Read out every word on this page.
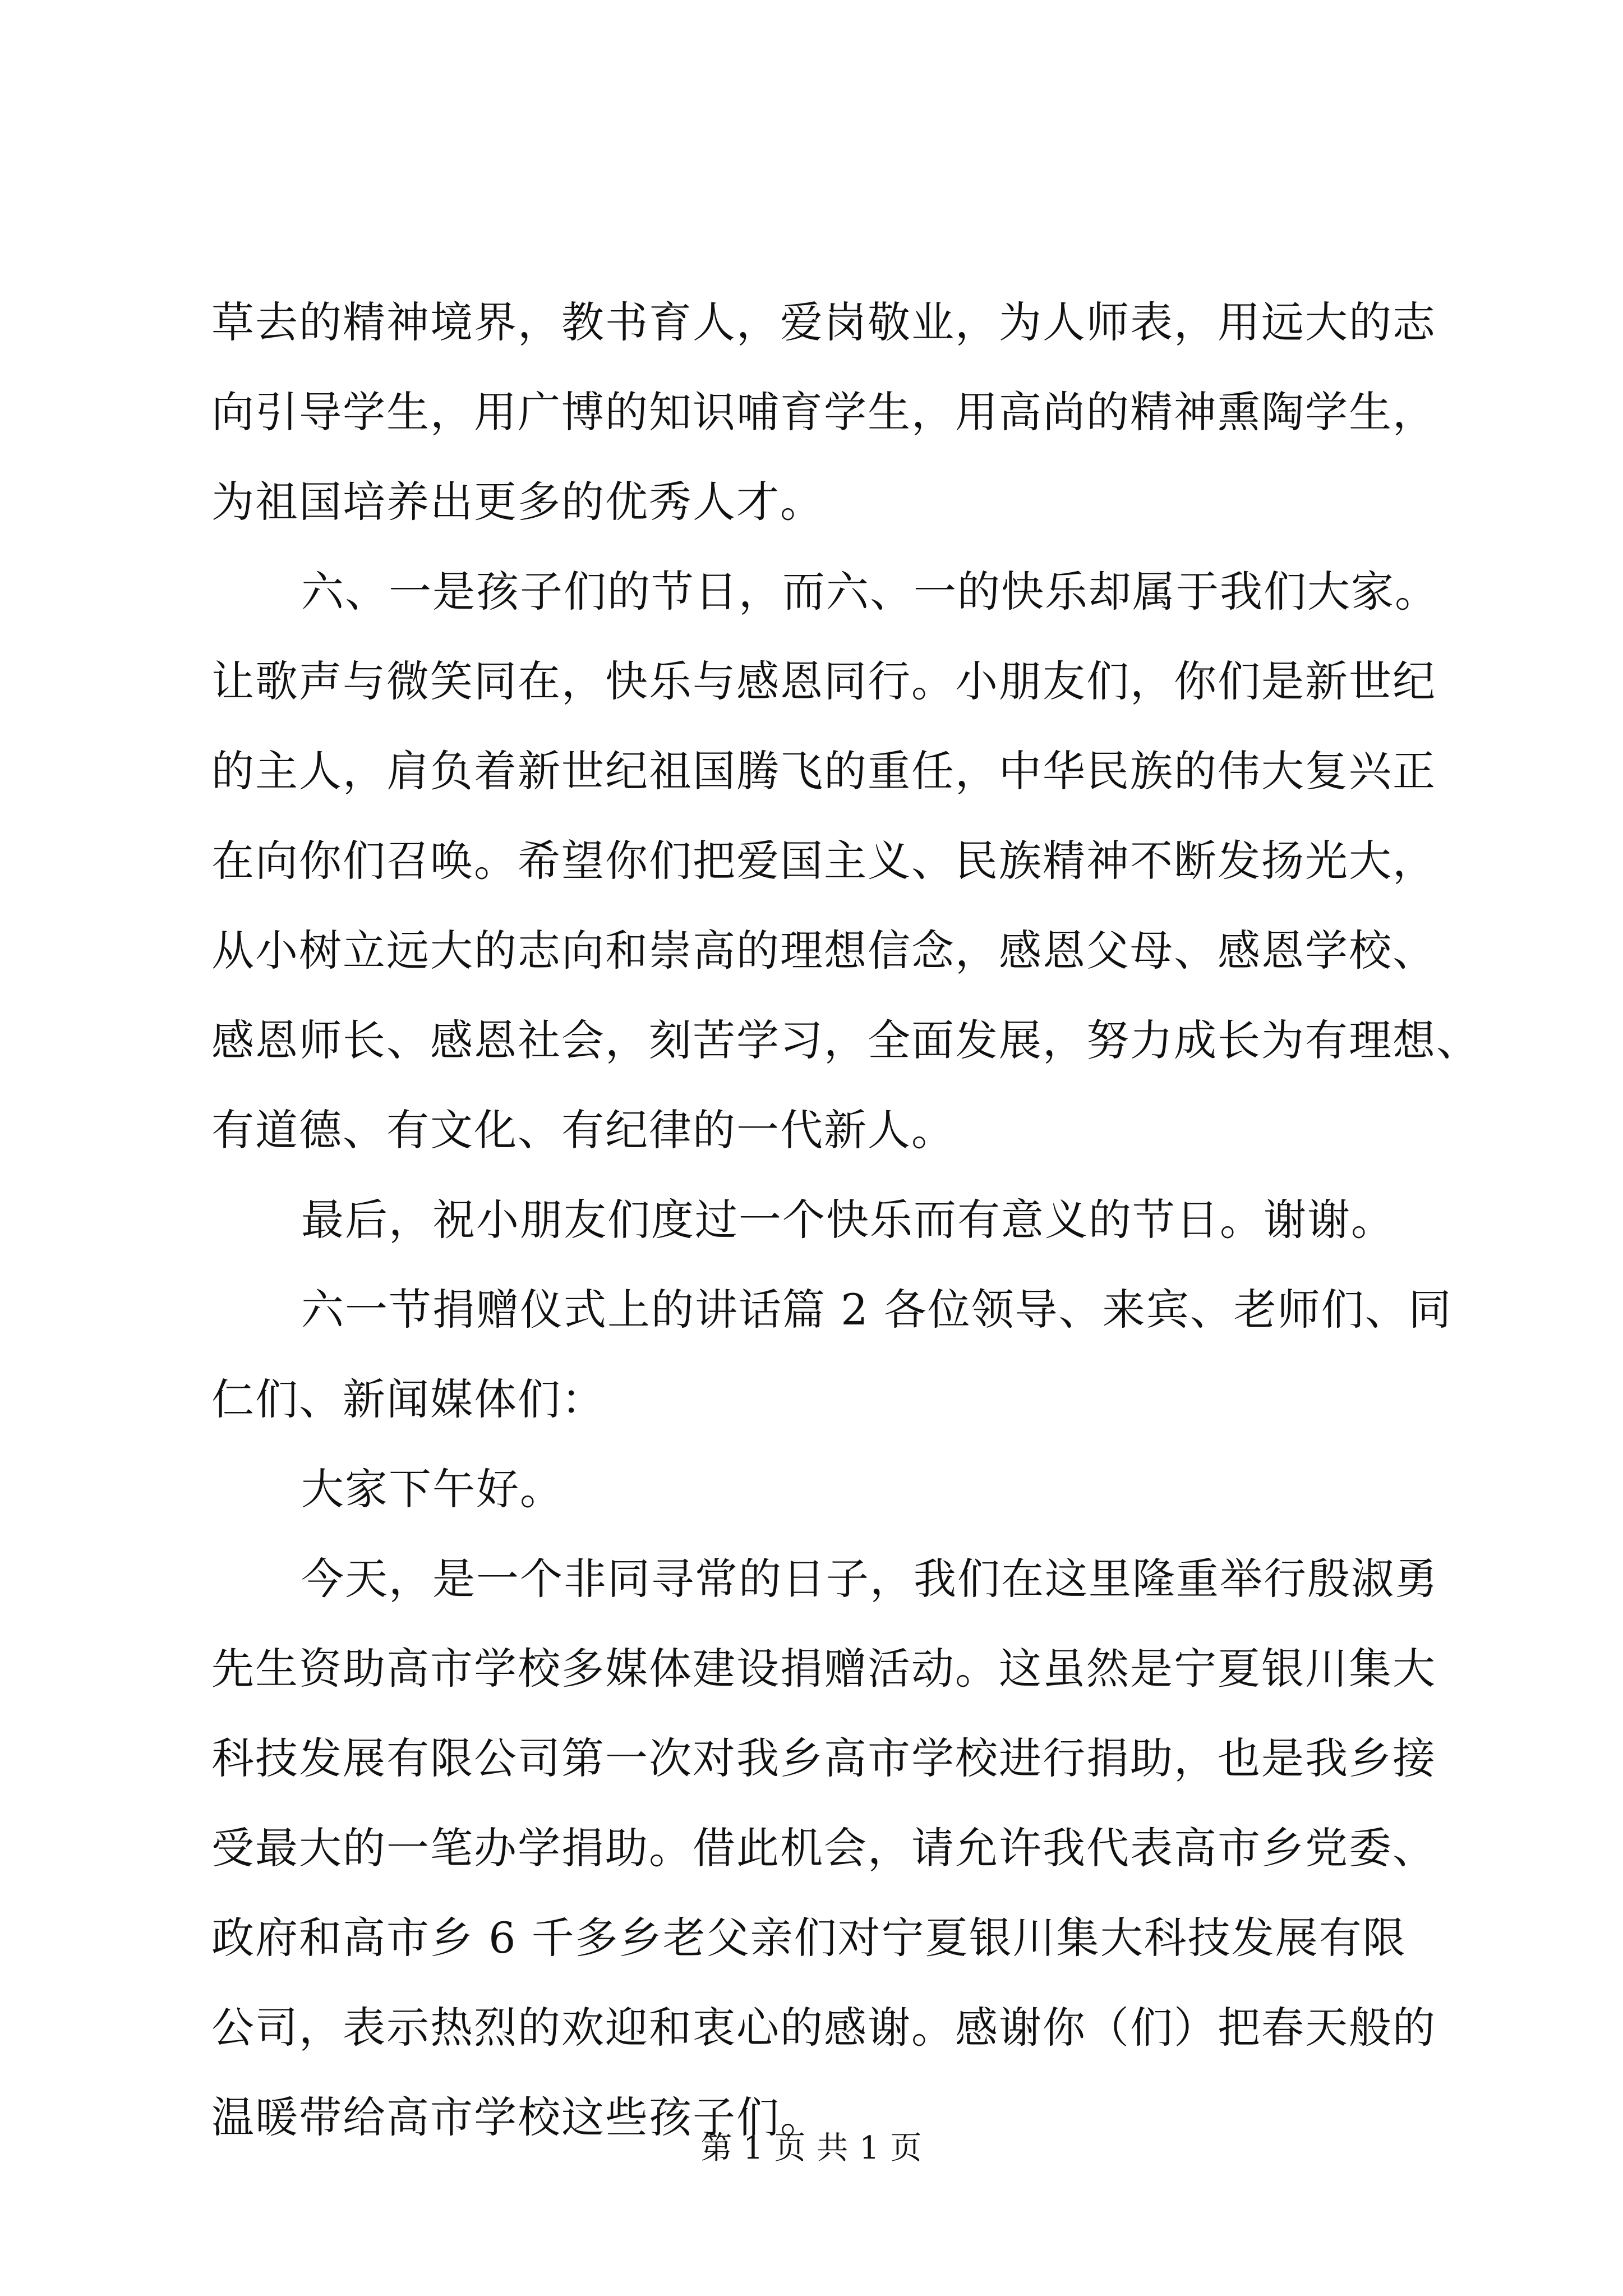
草去的精神境界，教书育人，爱岗敬业，为人师表，用远大的志
向引导学生，用广博的知识哺育学生，用高尚的精神熏陶学生，
为祖国培养出更多的优秀人才。
六、一是孩子们的节日，而六、一的快乐却属于我们大家。
让歌声与微笑同在，快乐与感恩同行。小朋友们，你们是新世纪
的主人，肩负着新世纪祖国腾飞的重任，中华民族的伟大复兴正
在向你们召唤。希望你们把爱国主义、民族精神不断发扬光大，
从小树立远大的志向和崇高的理想信念，感恩父母、感恩学校、
感恩师长、感恩社会，刻苦学习，全面发展，努力成长为有理想、
有道德、有文化、有纪律的一代新人。
最后，祝小朋友们度过一个快乐而有意义的节日。谢谢。
六一节捐赠仪式上的讲话篇 2 各位领导、来宾、老师们、同
仁们、新闻媒体们：
大家下午好。
今天，是一个非同寻常的日子，我们在这里隆重举行殷淑勇
先生资助高市学校多媒体建设捐赠活动。这虽然是宁夏银川集大
科技发展有限公司第一次对我乡高市学校进行捐助，也是我乡接
受最大的一笔办学捐助。借此机会，请允许我代表高市乡党委、
政府和高市乡 6 千多乡老父亲们对宁夏银川集大科技发展有限
公司，表示热烈的欢迎和衷心的感谢。感谢你（们）把春天般的
温暖带给高市学校这些孩子们。
第 1 页 共 1 页
